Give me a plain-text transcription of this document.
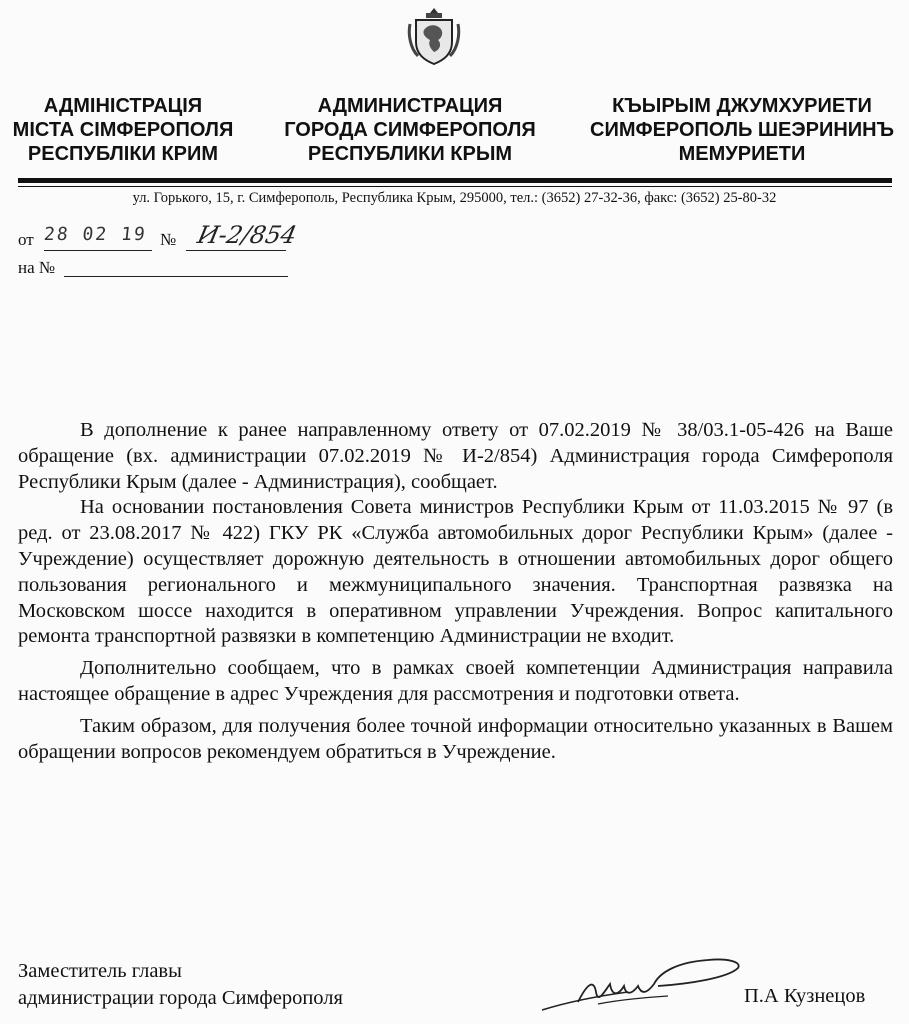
АДМІНІСТРАЦІЯ
МІСТА СІМФЕРОПОЛЯ
РЕСПУБЛІКИ КРИМ
АДМИНИСТРАЦИЯ
ГОРОДА СИМФЕРОПОЛЯ
РЕСПУБЛИКИ КРЫМ
КЪЫРЫМ ДЖУМХУРИЕТИ
СИМФЕРОПОЛЬ ШЕЭРИНИНЪ
МЕМУРИЕТИ
ул. Горького, 15, г. Симферополь, Республика Крым, 295000, тел.: (3652) 27-32-36, факс: (3652) 25-80-32
от 28 02 19 № И-2/854
на №

В дополнение к ранее направленному ответу от 07.02.2019 № 38/03.1-05-426 на Ваше обращение (вх. администрации 07.02.2019 № И-2/854) Администрация города Симферополя Республики Крым (далее - Администрация), сообщает.

На основании постановления Совета министров Республики Крым от 11.03.2015 № 97 (в ред. от 23.08.2017 № 422) ГКУ РК «Служба автомобильных дорог Республики Крым» (далее - Учреждение) осуществляет дорожную деятельность в отношении автомобильных дорог общего пользования регионального и межмуниципального значения. Транспортная развязка на Московском шоссе находится в оперативном управлении Учреждения. Вопрос капитального ремонта транспортной развязки в компетенцию Администрации не входит.

Дополнительно сообщаем, что в рамках своей компетенции Администрация направила настоящее обращение в адрес Учреждения для рассмотрения и подготовки ответа.

Таким образом, для получения более точной информации относительно указанных в Вашем обращении вопросов рекомендуем обратиться в Учреждение.

Заместитель главы
администрации города Симферополя	П.А Кузнецов
